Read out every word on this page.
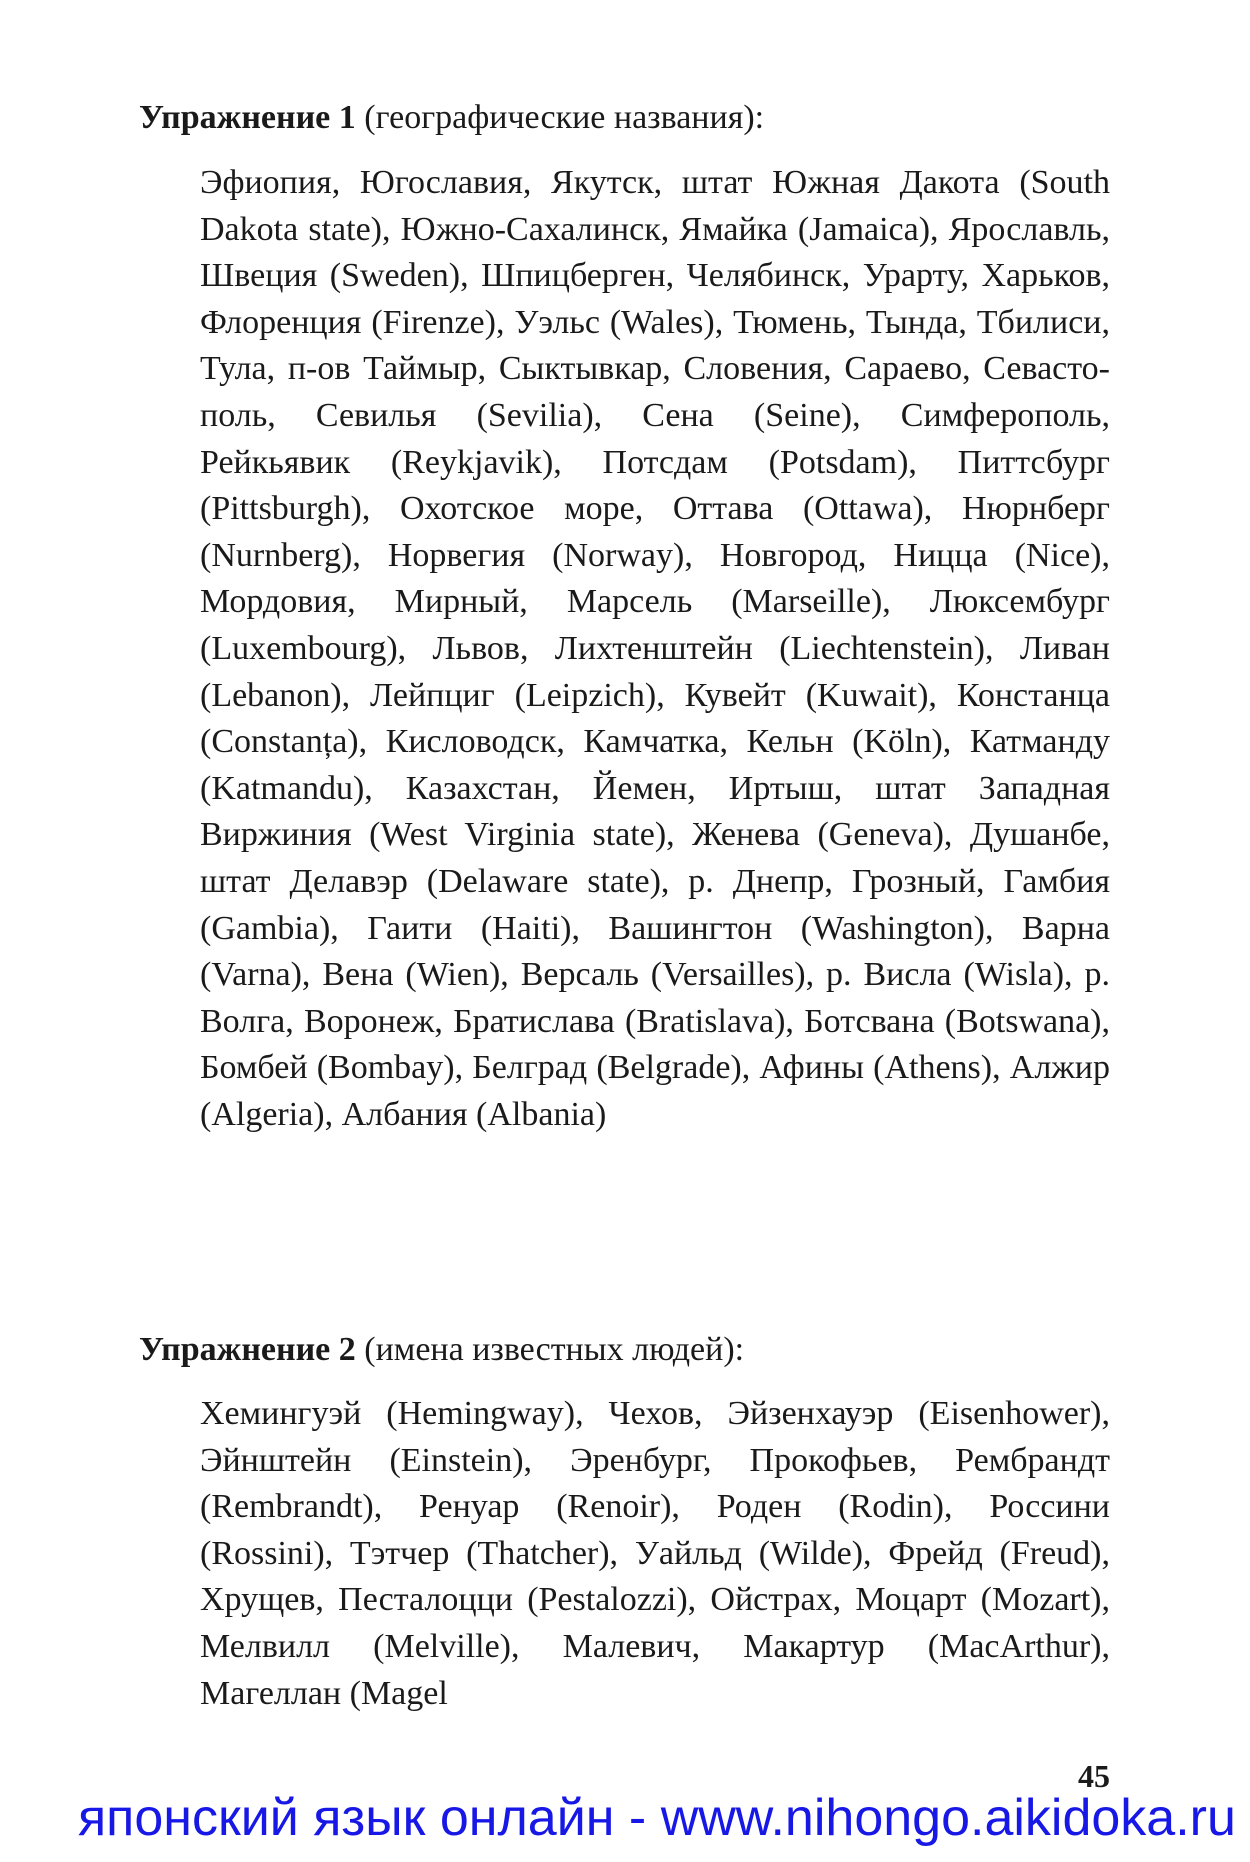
Упражнение 1 (географические названия):
Эфиопия, Югославия, Якутск, штат Южная Дакота (South Dakota state), Южно-Сахалинск, Ямайка (Jamaica), Ярославль, Швеция (Sweden), Шпицберген, Челябинск, Урарту, Харьков, Флоренция (Firenze), Уэльс (Wales), Тюмень, Тында, Тбилиси, Тула, п-ов Таймыр, Сыктывкар, Словения, Сараево, Севастополь, Севилья (Sevilia), Сена (Seine), Симферополь, Рейкьявик (Reykjavik), Потсдам (Potsdam), Питтсбург (Pittsburgh), Охотское море, Оттава (Ottawa), Нюрнберг (Nurnberg), Норвегия (Norway), Новгород, Ницца (Nice), Мордовия, Мирный, Марсель (Marseille), Люксембург (Luxembourg), Львов, Лихтенштейн (Liechtenstein), Ливан (Lebanon), Лейпциг (Leipzich), Кувейт (Kuwait), Констанца (Constanța), Кисловодск, Камчатка, Кельн (Köln), Катманду (Katmandu), Казахстан, Йемен, Иртыш, штат Западная Виржиния (West Virginia state), Женева (Geneva), Душанбе, штат Делавэр (Delaware state), р. Днепр, Грозный, Гамбия (Gambia), Гаити (Haiti), Вашингтон (Washington), Варна (Varna), Вена (Wien), Версаль (Versailles), р. Висла (Wisla), р. Волга, Воронеж, Братислава (Bratislava), Ботсвана (Botswana), Бомбей (Bombay), Белград (Belgrade), Афины (Athens), Алжир (Algeria), Албания (Albania)
Упражнение 2 (имена известных людей):
Хемингуэй (Hemingway), Чехов, Эйзенхауэр (Eisenhower), Эйнштейн (Einstein), Эренбург, Прокофьев, Рембрандт (Rembrandt), Ренуар (Renoir), Роден (Rodin), Россини (Rossini), Тэтчер (Thatcher), Уайльд (Wilde), Фрейд (Freud), Хрущев, Песталоцци (Pestalozzi), Ойстрах, Моцарт (Mozart), Мелвилл (Melville), Малевич, Макартур (MacArthur), Магеллан (Magel
45
японский язык онлайн - www.nihongo.aikidoka.ru
